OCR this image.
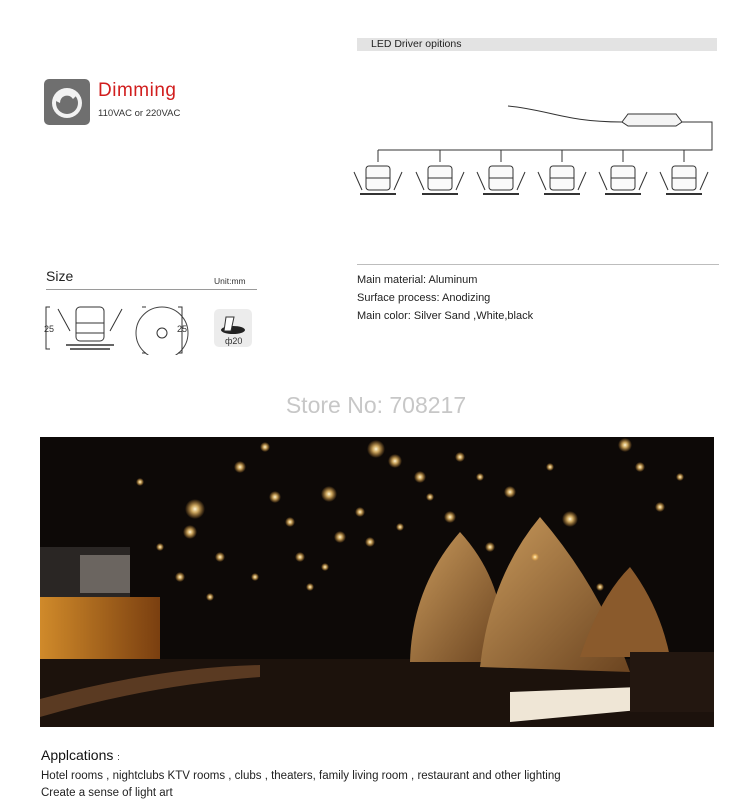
Dimming
110VAC or 220VAC
LED Driver opitions
Size	Unit:mm
25	25
ф20
Main material: Aluminum
Surface process: Anodizing
Main color: Silver Sand ,White,black
Store No: 708217
Applcations :
Hotel rooms , nightclubs KTV rooms , clubs , theaters, family living room , restaurant and other lighting
Create a sense of light art
